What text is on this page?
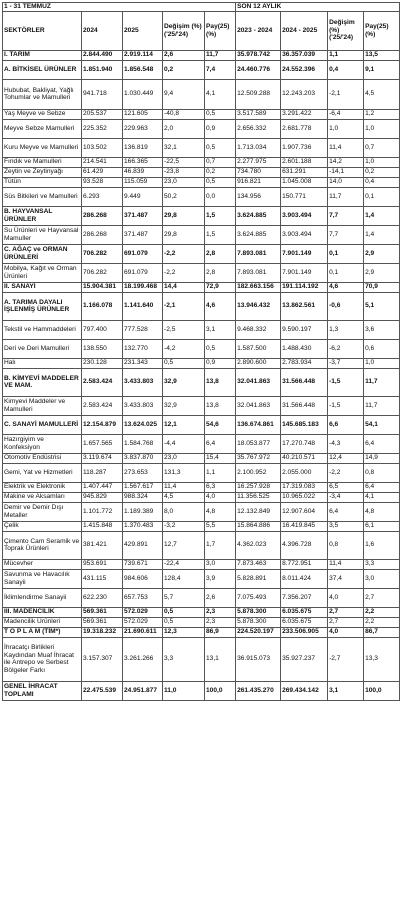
1 - 31 TEMMUZ					SON 12 AYLIK			
SEKTÖRLER	2024	2025	Değişim (%) ('25/'24)	Pay(25) (%)	2023 - 2024	2024 - 2025	Değişim (%) ('25/'24)	Pay(25) (%)
I. TARIM	2.844.490	2.919.114	2,6	11,7	35.978.742	36.357.039	1,1	13,5
A. BİTKİSEL ÜRÜNLER	1.851.940	1.856.548	0,2	7,4	24.460.776	24.552.396	0,4	9,1
Hububat, Bakliyat, Yağlı Tohumlar ve Mamulleri	941.718	1.030.449	9,4	4,1	12.509.288	12.243.203	-2,1	4,5
Yaş Meyve ve Sebze	205.537	121.605	-40,8	0,5	3.517.589	3.291.422	-6,4	1,2
Meyve Sebze Mamulleri	225.352	229.963	2,0	0,9	2.656.332	2.681.778	1,0	1,0
Kuru Meyve ve Mamulleri	103.502	136.819	32,1	0,5	1.713.034	1.907.736	11,4	0,7
Fındık ve Mamulleri	214.541	166.365	-22,5	0,7	2.277.975	2.601.188	14,2	1,0
Zeytin ve Zeytinyağı	61.429	46.839	-23,8	0,2	734.780	631.291	-14,1	0,2
Tütün	93.528	115.059	23,0	0,5	916.821	1.045.008	14,0	0,4
Süs Bitkileri ve Mamulleri	6.293	9.449	50,2	0,0	134.956	150.771	11,7	0,1
B. HAYVANSAL ÜRÜNLER	286.268	371.487	29,8	1,5	3.624.885	3.903.494	7,7	1,4
Su Ürünleri ve Hayvansal Mamuller	286.268	371.487	29,8	1,5	3.624.885	3.903.494	7,7	1,4
C. AĞAÇ ve ORMAN ÜRÜNLERİ	706.282	691.079	-2,2	2,8	7.893.081	7.901.149	0,1	2,9
Mobilya, Kağıt ve Orman Ürünleri	706.282	691.079	-2,2	2,8	7.893.081	7.901.149	0,1	2,9
II. SANAYİ	15.904.381	18.199.468	14,4	72,9	182.663.156	191.114.192	4,6	70,9
A. TARIMA DAYALI İŞLENMİŞ ÜRÜNLER	1.166.078	1.141.640	-2,1	4,6	13.946.432	13.862.561	-0,6	5,1
Tekstil ve Hammaddeleri	797.400	777.528	-2,5	3,1	9.468.332	9.590.197	1,3	3,6
Deri ve Deri Mamulleri	138.550	132.770	-4,2	0,5	1.587.500	1.488.430	-6,2	0,6
Halı	230.128	231.343	0,5	0,9	2.890.600	2.783.934	-3,7	1,0
B. KİMYEVİ MADDELER VE MAM.	2.583.424	3.433.803	32,9	13,8	32.041.863	31.566.448	-1,5	11,7
Kimyevi Maddeler ve Mamulleri	2.583.424	3.433.803	32,9	13,8	32.041.863	31.566.448	-1,5	11,7
C. SANAYİ MAMULLERİ	12.154.879	13.624.025	12,1	54,6	136.674.861	145.685.183	6,6	54,1
Hazırgiyim ve Konfeksiyon	1.657.565	1.584.768	-4,4	6,4	18.053.877	17.270.748	-4,3	6,4
Otomotiv Endüstrisi	3.119.674	3.837.870	23,0	15,4	35.767.972	40.210.571	12,4	14,9
Gemi, Yat ve Hizmetleri	118.287	273.653	131,3	1,1	2.100.952	2.055.000	-2,2	0,8
Elektrik ve Elektronik	1.407.447	1.567.617	11,4	6,3	16.257.928	17.319.083	6,5	6,4
Makine ve Aksamları	945.829	988.324	4,5	4,0	11.356.525	10.965.022	-3,4	4,1
Demir ve Demir Dışı Metaller	1.101.772	1.189.389	8,0	4,8	12.132.849	12.907.604	6,4	4,8
Çelik	1.415.848	1.370.483	-3,2	5,5	15.864.886	16.419.845	3,5	6,1
Çimento Cam Seramik ve Toprak Ürünleri	381.421	429.891	12,7	1,7	4.362.023	4.396.728	0,8	1,6
Mücevher	953.691	739.671	-22,4	3,0	7.873.463	8.772.951	11,4	3,3
Savunma ve Havacılık Sanayii	431.115	984.606	128,4	3,9	5.828.891	8.011.424	37,4	3,0
İklimlendirme Sanayii	622.230	657.753	5,7	2,6	7.075.493	7.356.207	4,0	2,7
III. MADENCİLİK	569.361	572.029	0,5	2,3	5.878.300	6.035.675	2,7	2,2
Madencilik Ürünleri	569.361	572.029	0,5	2,3	5.878.300	6.035.675	2,7	2,2
T O P L A M (TİM*)	19.318.232	21.690.611	12,3	86,9	224.520.197	233.506.905	4,0	86,7
İhracatçı Birlikleri Kaydından Muaf İhracat ile Antrepo ve Serbest Bölgeler Farkı	3.157.307	3.261.266	3,3	13,1	36.915.073	35.927.237	-2,7	13,3
GENEL İHRACAT TOPLAMI	22.475.539	24.951.877	11,0	100,0	261.435.270	269.434.142	3,1	100,0
